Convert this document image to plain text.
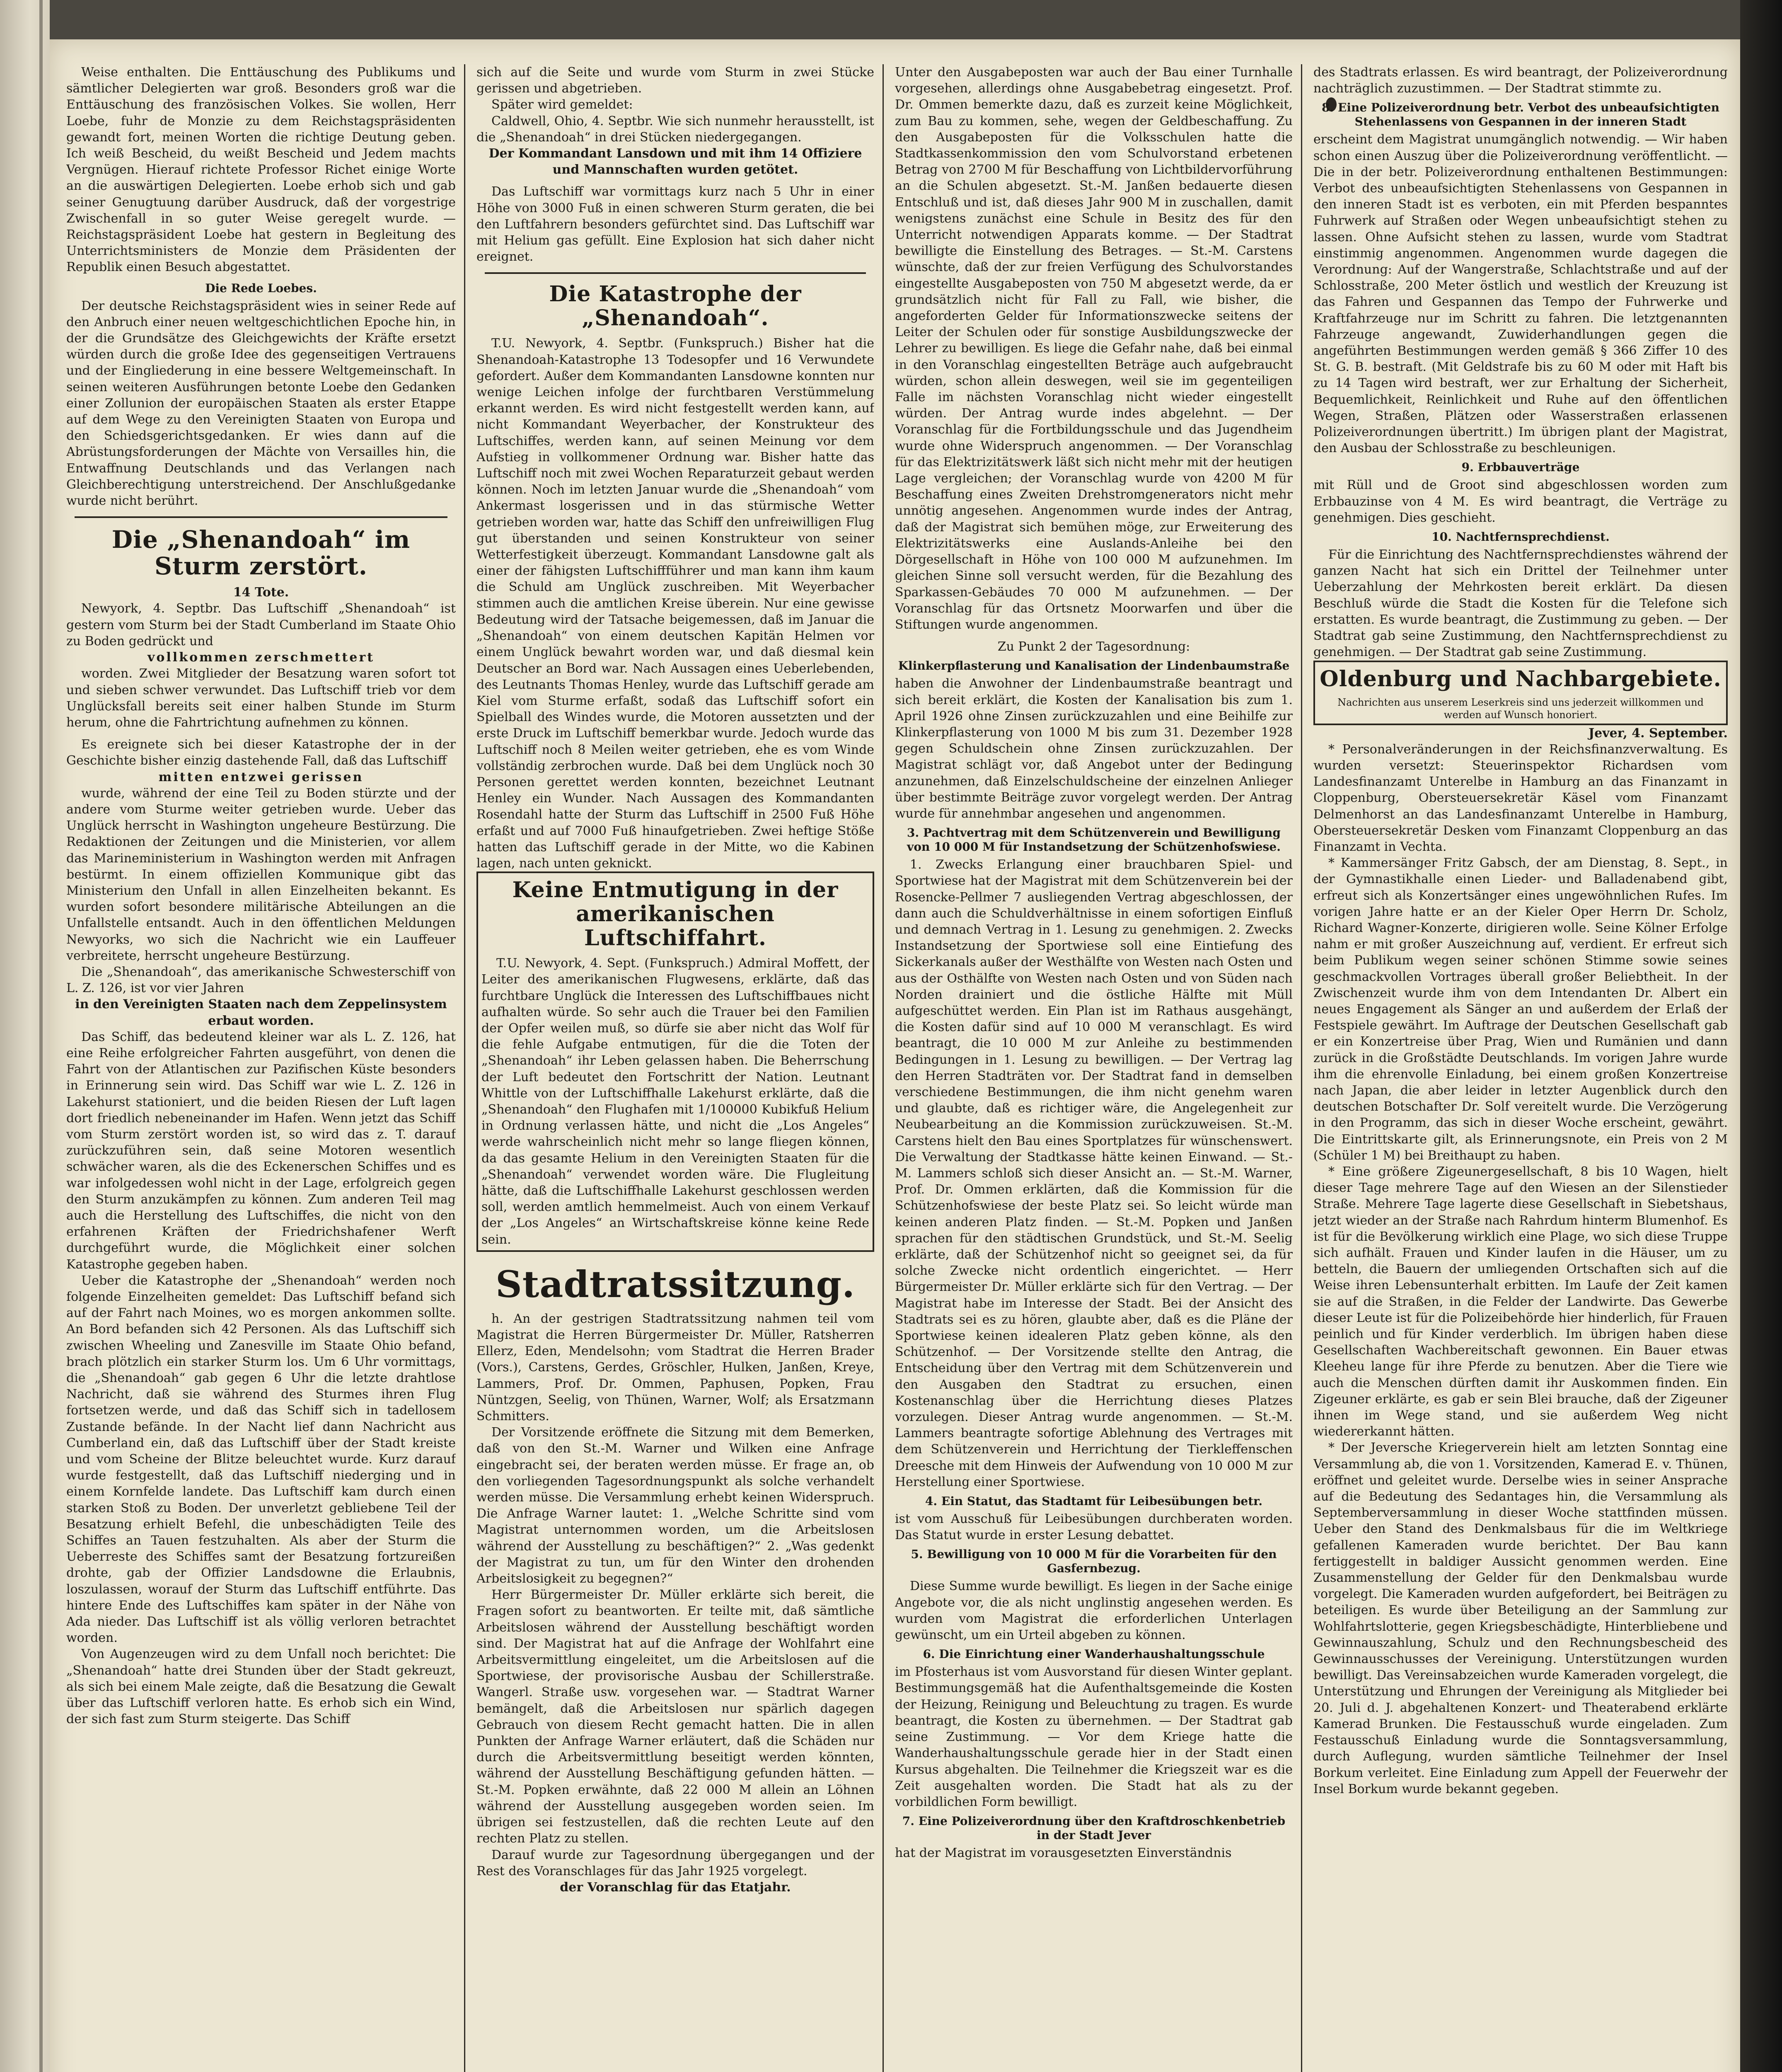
Weise enthalten. Die Enttäuschung des Publikums und sämtlicher Delegierten war groß. Besonders groß war die Enttäuschung des französischen Volkes. Sie wollen, Herr Loebe, fuhr de Monzie zu dem Reichstagspräsidenten gewandt fort, meinen Worten die richtige Deutung geben. Ich weiß Bescheid, du weißt Bescheid und Jedem machts Vergnügen. Hierauf richtete Professor Richet einige Worte an die auswärtigen Delegierten. Loebe erhob sich und gab seiner Genugtuung darüber Ausdruck, daß der vorgestrige Zwischenfall in so guter Weise geregelt wurde. — Reichstagspräsident Loebe hat gestern in Begleitung des Unterrichtsministers de Monzie dem Präsidenten der Republik einen Besuch abgestattet.

Die Rede Loebes.

Der deutsche Reichstagspräsident wies in seiner Rede auf den Anbruch einer neuen weltgeschichtlichen Epoche hin, in der die Grundsätze des Gleichgewichts der Kräfte ersetzt würden durch die große Idee des gegenseitigen Vertrauens und der Eingliederung in eine bessere Weltgemeinschaft. In seinen weiteren Ausführungen betonte Loebe den Gedanken einer Zollunion der europäischen Staaten als erster Etappe auf dem Wege zu den Vereinigten Staaten von Europa und den Schiedsgerichtsgedanken. Er wies dann auf die Abrüstungsforderungen der Mächte von Versailles hin, die Entwaffnung Deutschlands und das Verlangen nach Gleichberechtigung unterstreichend. Der Anschlußgedanke wurde nicht berührt.

Die „Shenandoah“ im Sturm zerstört.

14 Tote.

Newyork, 4. Septbr. Das Luftschiff „Shenandoah“ ist gestern vom Sturm bei der Stadt Cumberland im Staate Ohio zu Boden gedrückt und

vollkommen zerschmettert

worden. Zwei Mitglieder der Besatzung waren sofort tot und sieben schwer verwundet. Das Luftschiff trieb vor dem Unglücksfall bereits seit einer halben Stunde im Sturm herum, ohne die Fahrtrichtung aufnehmen zu können.

Es ereignete sich bei dieser Katastrophe der in der Geschichte bisher einzig dastehende Fall, daß das Luftschiff

mitten entzwei gerissen

wurde, während der eine Teil zu Boden stürzte und der andere vom Sturme weiter getrieben wurde. Ueber das Unglück herrscht in Washington ungeheure Bestürzung. Die Redaktionen der Zeitungen und die Ministerien, vor allem das Marineministerium in Washington werden mit Anfragen bestürmt. In einem offiziellen Kommunique gibt das Ministerium den Unfall in allen Einzelheiten bekannt. Es wurden sofort besondere militärische Abteilungen an die Unfallstelle entsandt. Auch in den öffentlichen Meldungen Newyorks, wo sich die Nachricht wie ein Lauffeuer verbreitete, herrscht ungeheure Bestürzung.

Die „Shenandoah“, das amerikanische Schwesterschiff von L. Z. 126, ist vor vier Jahren

in den Vereinigten Staaten nach dem Zeppelinsystem erbaut worden.

Das Schiff, das bedeutend kleiner war als L. Z. 126, hat eine Reihe erfolgreicher Fahrten ausgeführt, von denen die Fahrt von der Atlantischen zur Pazifischen Küste besonders in Erinnerung sein wird. Das Schiff war wie L. Z. 126 in Lakehurst stationiert, und die beiden Riesen der Luft lagen dort friedlich nebeneinander im Hafen. Wenn jetzt das Schiff vom Sturm zerstört worden ist, so wird das z. T. darauf zurückzuführen sein, daß seine Motoren wesentlich schwächer waren, als die des Eckenerschen Schiffes und es war infolgedessen wohl nicht in der Lage, erfolgreich gegen den Sturm anzukämpfen zu können. Zum anderen Teil mag auch die Herstellung des Luftschiffes, die nicht von den erfahrenen Kräften der Friedrichshafener Werft durchgeführt wurde, die Möglichkeit einer solchen Katastrophe gegeben haben.

Ueber die Katastrophe der „Shenandoah“ werden noch folgende Einzelheiten gemeldet: Das Luftschiff befand sich auf der Fahrt nach Moines, wo es morgen ankommen sollte. An Bord befanden sich 42 Personen. Als das Luftschiff sich zwischen Wheeling und Zanesville im Staate Ohio befand, brach plötzlich ein starker Sturm los. Um 6 Uhr vormittags, die „Shenandoah“ gab gegen 6 Uhr die letzte drahtlose Nachricht, daß sie während des Sturmes ihren Flug fortsetzen werde, und daß das Schiff sich in tadellosem Zustande befände. In der Nacht lief dann Nachricht aus Cumberland ein, daß das Luftschiff über der Stadt kreiste und vom Scheine der Blitze beleuchtet wurde. Kurz darauf wurde festgestellt, daß das Luftschiff niederging und in einem Kornfelde landete. Das Luftschiff kam durch einen starken Stoß zu Boden. Der unverletzt gebliebene Teil der Besatzung erhielt Befehl, die unbeschädigten Teile des Schiffes an Tauen festzuhalten. Als aber der Sturm die Ueberreste des Schiffes samt der Besatzung fortzureißen drohte, gab der Offizier Landsdowne die Erlaubnis, loszulassen, worauf der Sturm das Luftschiff entführte. Das hintere Ende des Luftschiffes kam später in der Nähe von Ada nieder. Das Luftschiff ist als völlig verloren betrachtet worden.

Von Augenzeugen wird zu dem Unfall noch berichtet: Die „Shenandoah“ hatte drei Stunden über der Stadt gekreuzt, als sich bei einem Male zeigte, daß die Besatzung die Gewalt über das Luftschiff verloren hatte. Es erhob sich ein Wind, der sich fast zum Sturm steigerte. Das Schiff

sich auf die Seite und wurde vom Sturm in zwei Stücke gerissen und abgetrieben.

Später wird gemeldet:

Caldwell, Ohio, 4. Septbr. Wie sich nunmehr herausstellt, ist die „Shenandoah“ in drei Stücken niedergegangen.

Der Kommandant Lansdown und mit ihm 14 Offiziere und Mannschaften wurden getötet.

Das Luftschiff war vormittags kurz nach 5 Uhr in einer Höhe von 3000 Fuß in einen schweren Sturm geraten, die bei den Luftfahrern besonders gefürchtet sind. Das Luftschiff war mit Helium gas gefüllt. Eine Explosion hat sich daher nicht ereignet.

Die Katastrophe der „Shenandoah“.

T.U. Newyork, 4. Septbr. (Funkspruch.) Bisher hat die Shenandoah-Katastrophe 13 Todesopfer und 16 Verwundete gefordert. Außer dem Kommandanten Lansdowne konnten nur wenige Leichen infolge der furchtbaren Verstümmelung erkannt werden. Es wird nicht festgestellt werden kann, auf nicht Kommandant Weyerbacher, der Konstrukteur des Luftschiffes, werden kann, auf seinen Meinung vor dem Aufstieg in vollkommener Ordnung war. Bisher hatte das Luftschiff noch mit zwei Wochen Reparaturzeit gebaut werden können. Noch im letzten Januar wurde die „Shenandoah“ vom Ankermast losgerissen und in das stürmische Wetter getrieben worden war, hatte das Schiff den unfreiwilligen Flug gut überstanden und seinen Konstrukteur von seiner Wetterfestigkeit überzeugt. Kommandant Lansdowne galt als einer der fähigsten Luftschiffführer und man kann ihm kaum die Schuld am Unglück zuschreiben. Mit Weyerbacher stimmen auch die amtlichen Kreise überein. Nur eine gewisse Bedeutung wird der Tatsache beigemessen, daß im Januar die „Shenandoah“ von einem deutschen Kapitän Helmen vor einem Unglück bewahrt worden war, und daß diesmal kein Deutscher an Bord war. Nach Aussagen eines Ueberlebenden, des Leutnants Thomas Henley, wurde das Luftschiff gerade am Kiel vom Sturme erfaßt, sodaß das Luftschiff sofort ein Spielball des Windes wurde, die Motoren aussetzten und der erste Druck im Luftschiff bemerkbar wurde. Jedoch wurde das Luftschiff noch 8 Meilen weiter getrieben, ehe es vom Winde vollständig zerbrochen wurde. Daß bei dem Unglück noch 30 Personen gerettet werden konnten, bezeichnet Leutnant Henley ein Wunder. Nach Aussagen des Kommandanten Rosendahl hatte der Sturm das Luftschiff in 2500 Fuß Höhe erfaßt und auf 7000 Fuß hinaufgetrieben. Zwei heftige Stöße hatten das Luftschiff gerade in der Mitte, wo die Kabinen lagen, nach unten geknickt.

Keine Entmutigung in der amerikanischen Luftschiffahrt.

T.U. Newyork, 4. Sept. (Funkspruch.) Admiral Moffett, der Leiter des amerikanischen Flugwesens, erklärte, daß das furchtbare Unglück die Interessen des Luftschiffbaues nicht aufhalten würde. So sehr auch die Trauer bei den Familien der Opfer weilen muß, so dürfe sie aber nicht das Wolf für die fehle Aufgabe entmutigen, für die die Toten der „Shenandoah“ ihr Leben gelassen haben. Die Beherrschung der Luft bedeutet den Fortschritt der Nation. Leutnant Whittle von der Luftschiffhalle Lakehurst erklärte, daß die „Shenandoah“ den Flughafen mit 1/100000 Kubikfuß Helium in Ordnung verlassen hätte, und nicht die „Los Angeles“ werde wahrscheinlich nicht mehr so lange fliegen können, da das gesamte Helium in den Vereinigten Staaten für die „Shenandoah“ verwendet worden wäre. Die Flugleitung hätte, daß die Luftschiffhalle Lakehurst geschlossen werden soll, werden amtlich hemmelmeist. Auch von einem Verkauf der „Los Angeles“ an Wirtschaftskreise könne keine Rede sein.

Stadtratssitzung.

h. An der gestrigen Stadtratssitzung nahmen teil vom Magistrat die Herren Bürgermeister Dr. Müller, Ratsherren Ellerz, Eden, Mendelsohn; vom Stadtrat die Herren Brader (Vors.), Carstens, Gerdes, Gröschler, Hulken, Janßen, Kreye, Lammers, Prof. Dr. Ommen, Paphusen, Popken, Frau Nüntzgen, Seelig, von Thünen, Warner, Wolf; als Ersatzmann Schmitters.

Der Vorsitzende eröffnete die Sitzung mit dem Bemerken, daß von den St.-M. Warner und Wilken eine Anfrage eingebracht sei, der beraten werden müsse. Er frage an, ob den vorliegenden Tagesordnungspunkt als solche verhandelt werden müsse. Die Versammlung erhebt keinen Widerspruch. Die Anfrage Warner lautet: 1. „Welche Schritte sind vom Magistrat unternommen worden, um die Arbeitslosen während der Ausstellung zu beschäftigen?“ 2. „Was gedenkt der Magistrat zu tun, um für den Winter den drohenden Arbeitslosigkeit zu begegnen?“

Herr Bürgermeister Dr. Müller erklärte sich bereit, die Fragen sofort zu beantworten. Er teilte mit, daß sämtliche Arbeitslosen während der Ausstellung beschäftigt worden sind. Der Magistrat hat auf die Anfrage der Wohlfahrt eine Arbeitsvermittlung eingeleitet, um die Arbeitslosen auf die Sportwiese, der provisorische Ausbau der Schillerstraße. Wangerl. Straße usw. vorgesehen war. — Stadtrat Warner bemängelt, daß die Arbeitslosen nur spärlich dagegen Gebrauch von diesem Recht gemacht hatten. Die in allen Punkten der Anfrage Warner erläutert, daß die Schäden nur durch die Arbeitsvermittlung beseitigt werden könnten, während der Ausstellung Beschäftigung gefunden hätten. — St.-M. Popken erwähnte, daß 22 000 M allein an Löhnen während der Ausstellung ausgegeben worden seien. Im übrigen sei festzustellen, daß die rechten Leute auf den rechten Platz zu stellen.

Darauf wurde zur Tagesordnung übergegangen und der Rest des Voranschlages für das Jahr 1925 vorgelegt.

der Voranschlag für das Etatjahr.

Unter den Ausgabeposten war auch der Bau einer Turnhalle vorgesehen, allerdings ohne Ausgabebetrag eingesetzt. Prof. Dr. Ommen bemerkte dazu, daß es zurzeit keine Möglichkeit, zum Bau zu kommen, sehe, wegen der Geldbeschaffung. Zu den Ausgabeposten für die Volksschulen hatte die Stadtkassenkommission den vom Schulvorstand erbetenen Betrag von 2700 M für Beschaffung von Lichtbildervorführung an die Schulen abgesetzt. St.-M. Janßen bedauerte diesen Entschluß und ist, daß dieses Jahr 900 M in zuschallen, damit wenigstens zunächst eine Schule in Besitz des für den Unterricht notwendigen Apparats komme. — Der Stadtrat bewilligte die Einstellung des Betrages. — St.-M. Carstens wünschte, daß der zur freien Verfügung des Schulvorstandes eingestellte Ausgabeposten von 750 M abgesetzt werde, da er grundsätzlich nicht für Fall zu Fall, wie bisher, die angeforderten Gelder für Informationszwecke seitens der Leiter der Schulen oder für sonstige Ausbildungszwecke der Lehrer zu bewilligen. Es liege die Gefahr nahe, daß bei einmal in den Voranschlag eingestellten Beträge auch aufgebraucht würden, schon allein deswegen, weil sie im gegenteiligen Falle im nächsten Voranschlag nicht wieder eingestellt würden. Der Antrag wurde indes abgelehnt. — Der Voranschlag für die Fortbildungsschule und das Jugendheim wurde ohne Widerspruch angenommen. — Der Voranschlag für das Elektrizitätswerk läßt sich nicht mehr mit der heutigen Lage vergleichen; der Voranschlag wurde von 4200 M für Beschaffung eines Zweiten Drehstromgenerators nicht mehr unnötig angesehen. Angenommen wurde indes der Antrag, daß der Magistrat sich bemühen möge, zur Erweiterung des Elektrizitätswerks eine Auslands-Anleihe bei den Dörgesellschaft in Höhe von 100 000 M aufzunehmen. Im gleichen Sinne soll versucht werden, für die Bezahlung des Sparkassen-Gebäudes 70 000 M aufzunehmen. — Der Voranschlag für das Ortsnetz Moorwarfen und über die Stiftungen wurde angenommen.

Zu Punkt 2 der Tagesordnung:

Klinkerpflasterung und Kanalisation der Lindenbaumstraße

haben die Anwohner der Lindenbaumstraße beantragt und sich bereit erklärt, die Kosten der Kanalisation bis zum 1. April 1926 ohne Zinsen zurückzuzahlen und eine Beihilfe zur Klinkerpflasterung von 1000 M bis zum 31. Dezember 1928 gegen Schuldschein ohne Zinsen zurückzuzahlen. Der Magistrat schlägt vor, daß Angebot unter der Bedingung anzunehmen, daß Einzelschuldscheine der einzelnen Anlieger über bestimmte Beiträge zuvor vorgelegt werden. Der Antrag wurde für annehmbar angesehen und angenommen.

3. Pachtvertrag mit dem Schützenverein und Bewilligung von 10 000 M für Instandsetzung der Schützenhofswiese.

1. Zwecks Erlangung einer brauchbaren Spiel- und Sportwiese hat der Magistrat mit dem Schützenverein bei der Rosencke-Pellmer 7 ausliegenden Vertrag abgeschlossen, der dann auch die Schuldverhältnisse in einem sofortigen Einfluß und demnach Vertrag in 1. Lesung zu genehmigen. 2. Zwecks Instandsetzung der Sportwiese soll eine Eintiefung des Sickerkanals außer der Westhälfte von Westen nach Osten und aus der Osthälfte von Westen nach Osten und von Süden nach Norden drainiert und die östliche Hälfte mit Müll aufgeschüttet werden. Ein Plan ist im Rathaus ausgehängt, die Kosten dafür sind auf 10 000 M veranschlagt. Es wird beantragt, die 10 000 M zur Anleihe zu bestimmenden Bedingungen in 1. Lesung zu bewilligen. — Der Vertrag lag den Herren Stadträten vor. Der Stadtrat fand in demselben verschiedene Bestimmungen, die ihm nicht genehm waren und glaubte, daß es richtiger wäre, die Angelegenheit zur Neubearbeitung an die Kommission zurückzuweisen. St.-M. Carstens hielt den Bau eines Sportplatzes für wünschenswert. Die Verwaltung der Stadtkasse hätte keinen Einwand. — St.-M. Lammers schloß sich dieser Ansicht an. — St.-M. Warner, Prof. Dr. Ommen erklärten, daß die Kommission für die Schützenhofswiese der beste Platz sei. So leicht würde man keinen anderen Platz finden. — St.-M. Popken und Janßen sprachen für den städtischen Grundstück, und St.-M. Seelig erklärte, daß der Schützenhof nicht so geeignet sei, da für solche Zwecke nicht ordentlich eingerichtet. — Herr Bürgermeister Dr. Müller erklärte sich für den Vertrag. — Der Magistrat habe im Interesse der Stadt. Bei der Ansicht des Stadtrats sei es zu hören, glaubte aber, daß es die Pläne der Sportwiese keinen idealeren Platz geben könne, als den Schützenhof. — Der Vorsitzende stellte den Antrag, die Entscheidung über den Vertrag mit dem Schützenverein und den Ausgaben den Stadtrat zu ersuchen, einen Kostenanschlag über die Herrichtung dieses Platzes vorzulegen. Dieser Antrag wurde angenommen. — St.-M. Lammers beantragte sofortige Ablehnung des Vertrages mit dem Schützenverein und Herrichtung der Tierkleffenschen Dreesche mit dem Hinweis der Aufwendung von 10 000 M zur Herstellung einer Sportwiese.

4. Ein Statut, das Stadtamt für Leibesübungen betr.

ist vom Ausschuß für Leibesübungen durchberaten worden. Das Statut wurde in erster Lesung debattet.

5. Bewilligung von 10 000 M für die Vorarbeiten für den Gasfernbezug.

Diese Summe wurde bewilligt. Es liegen in der Sache einige Angebote vor, die als nicht unglinstig angesehen werden. Es wurden vom Magistrat die erforderlichen Unterlagen gewünscht, um ein Urteil abgeben zu können.

6. Die Einrichtung einer Wanderhaushaltungsschule

im Pfosterhaus ist vom Ausvorstand für diesen Winter geplant. Bestimmungsgemäß hat die Aufenthaltsgemeinde die Kosten der Heizung, Reinigung und Beleuchtung zu tragen. Es wurde beantragt, die Kosten zu übernehmen. — Der Stadtrat gab seine Zustimmung. — Vor dem Kriege hatte die Wanderhaushaltungsschule gerade hier in der Stadt einen Kursus abgehalten. Die Teilnehmer die Kriegszeit war es die Zeit ausgehalten worden. Die Stadt hat als zu der vorbildlichen Form bewilligt.

7. Eine Polizeiverordnung über den Kraftdroschkenbetrieb in der Stadt Jever

hat der Magistrat im vorausgesetzten Einverständnis

des Stadtrats erlassen. Es wird beantragt, der Polizeiverordnung nachträglich zuzustimmen. — Der Stadtrat stimmte zu.

8. Eine Polizeiverordnung betr. Verbot des unbeaufsichtigten Stehenlassens von Gespannen in der inneren Stadt

erscheint dem Magistrat unumgänglich notwendig. — Wir haben schon einen Auszug über die Polizeiverordnung veröffentlicht. — Die in der betr. Polizeiverordnung enthaltenen Bestimmungen: Verbot des unbeaufsichtigten Stehenlassens von Gespannen in den inneren Stadt ist es verboten, ein mit Pferden bespanntes Fuhrwerk auf Straßen oder Wegen unbeaufsichtigt stehen zu lassen. Ohne Aufsicht stehen zu lassen, wurde vom Stadtrat einstimmig angenommen. Angenommen wurde dagegen die Verordnung: Auf der Wangerstraße, Schlachtstraße und auf der Schlosstraße, 200 Meter östlich und westlich der Kreuzung ist das Fahren und Gespannen das Tempo der Fuhrwerke und Kraftfahrzeuge nur im Schritt zu fahren. Die letztgenannten Fahrzeuge angewandt, Zuwiderhandlungen gegen die angeführten Bestimmungen werden gemäß § 366 Ziffer 10 des St. G. B. bestraft. (Mit Geldstrafe bis zu 60 M oder mit Haft bis zu 14 Tagen wird bestraft, wer zur Erhaltung der Sicherheit, Bequemlichkeit, Reinlichkeit und Ruhe auf den öffentlichen Wegen, Straßen, Plätzen oder Wasserstraßen erlassenen Polizeiverordnungen übertritt.) Im übrigen plant der Magistrat, den Ausbau der Schlosstraße zu beschleunigen.

9. Erbbauverträge

mit Rüll und de Groot sind abgeschlossen worden zum Erbbauzinse von 4 M. Es wird beantragt, die Verträge zu genehmigen. Dies geschieht.

10. Nachtfernsprechdienst.

Für die Einrichtung des Nachtfernsprechdienstes während der ganzen Nacht hat sich ein Drittel der Teilnehmer unter Ueberzahlung der Mehrkosten bereit erklärt. Da diesen Beschluß würde die Stadt die Kosten für die Telefone sich erstatten. Es wurde beantragt, die Zustimmung zu geben. — Der Stadtrat gab seine Zustimmung, den Nachtfernsprechdienst zu genehmigen. — Der Stadtrat gab seine Zustimmung.

Oldenburg und Nachbargebiete.

Nachrichten aus unserem Leserkreis sind uns jederzeit willkommen und werden auf Wunsch honoriert.

Jever, 4. September.

* Personalveränderungen in der Reichsfinanzverwaltung. Es wurden versetzt: Steuerinspektor Richardsen vom Landesfinanzamt Unterelbe in Hamburg an das Finanzamt in Cloppenburg, Obersteuersekretär Käsel vom Finanzamt Delmenhorst an das Landesfinanzamt Unterelbe in Hamburg, Obersteuersekretär Desken vom Finanzamt Cloppenburg an das Finanzamt in Vechta.

* Kammersänger Fritz Gabsch, der am Dienstag, 8. Sept., in der Gymnastikhalle einen Lieder- und Balladenabend gibt, erfreut sich als Konzertsänger eines ungewöhnlichen Rufes. Im vorigen Jahre hatte er an der Kieler Oper Herrn Dr. Scholz, Richard Wagner-Konzerte, dirigieren wolle. Seine Kölner Erfolge nahm er mit großer Auszeichnung auf, verdient. Er erfreut sich beim Publikum wegen seiner schönen Stimme sowie seines geschmackvollen Vortrages überall großer Beliebtheit. In der Zwischenzeit wurde ihm von dem Intendanten Dr. Albert ein neues Engagement als Sänger an und außerdem der Erlaß der Festspiele gewährt. Im Auftrage der Deutschen Gesellschaft gab er ein Konzertreise über Prag, Wien und Rumänien und dann zurück in die Großstädte Deutschlands. Im vorigen Jahre wurde ihm die ehrenvolle Einladung, bei einem großen Konzertreise nach Japan, die aber leider in letzter Augenblick durch den deutschen Botschafter Dr. Solf vereitelt wurde. Die Verzögerung in den Programm, das sich in dieser Woche erscheint, gewährt. Die Eintrittskarte gilt, als Erinnerungsnote, ein Preis von 2 M (Schüler 1 M) bei Breithaupt zu haben.

* Eine größere Zigeunergesellschaft, 8 bis 10 Wagen, hielt dieser Tage mehrere Tage auf den Wiesen an der Silenstieder Straße. Mehrere Tage lagerte diese Gesellschaft in Siebetshaus, jetzt wieder an der Straße nach Rahrdum hinterm Blumenhof. Es ist für die Bevölkerung wirklich eine Plage, wo sich diese Truppe sich aufhält. Frauen und Kinder laufen in die Häuser, um zu betteln, die Bauern der umliegenden Ortschaften sich auf die Weise ihren Lebensunterhalt erbitten. Im Laufe der Zeit kamen sie auf die Straßen, in die Felder der Landwirte. Das Gewerbe dieser Leute ist für die Polizeibehörde hier hinderlich, für Frauen peinlich und für Kinder verderblich. Im übrigen haben diese Gesellschaften Wachbereitschaft gewonnen. Ein Bauer etwas Kleeheu lange für ihre Pferde zu benutzen. Aber die Tiere wie auch die Menschen dürften damit ihr Auskommen finden. Ein Zigeuner erklärte, es gab er sein Blei brauche, daß der Zigeuner ihnen im Wege stand, und sie außerdem Weg nicht wiedererkannt hätten.

* Der Jeversche Kriegerverein hielt am letzten Sonntag eine Versammlung ab, die von 1. Vorsitzenden, Kamerad E. v. Thünen, eröffnet und geleitet wurde. Derselbe wies in seiner Ansprache auf die Bedeutung des Sedantages hin, die Versammlung als Septemberversammlung in dieser Woche stattfinden müssen. Ueber den Stand des Denkmalsbaus für die im Weltkriege gefallenen Kameraden wurde berichtet. Der Bau kann fertiggestellt in baldiger Aussicht genommen werden. Eine Zusammenstellung der Gelder für den Denkmalsbau wurde vorgelegt. Die Kameraden wurden aufgefordert, bei Beiträgen zu beteiligen. Es wurde über Beteiligung an der Sammlung zur Wohlfahrtslotterie, gegen Kriegsbeschädigte, Hinterbliebene und Gewinnauszahlung, Schulz und den Rechnungsbescheid des Gewinnausschusses der Vereinigung. Unterstützungen wurden bewilligt. Das Vereinsabzeichen wurde Kameraden vorgelegt, die Unterstützung und Ehrungen der Vereinigung als Mitglieder bei 20. Juli d. J. abgehaltenen Konzert- und Theaterabend erklärte Kamerad Brunken. Die Festausschuß wurde eingeladen. Zum Festausschuß Einladung wurde die Sonntagsversammlung, durch Auflegung, wurden sämtliche Teilnehmer der Insel Borkum verleitet. Eine Einladung zum Appell der Feuerwehr der Insel Borkum wurde bekannt gegeben.
